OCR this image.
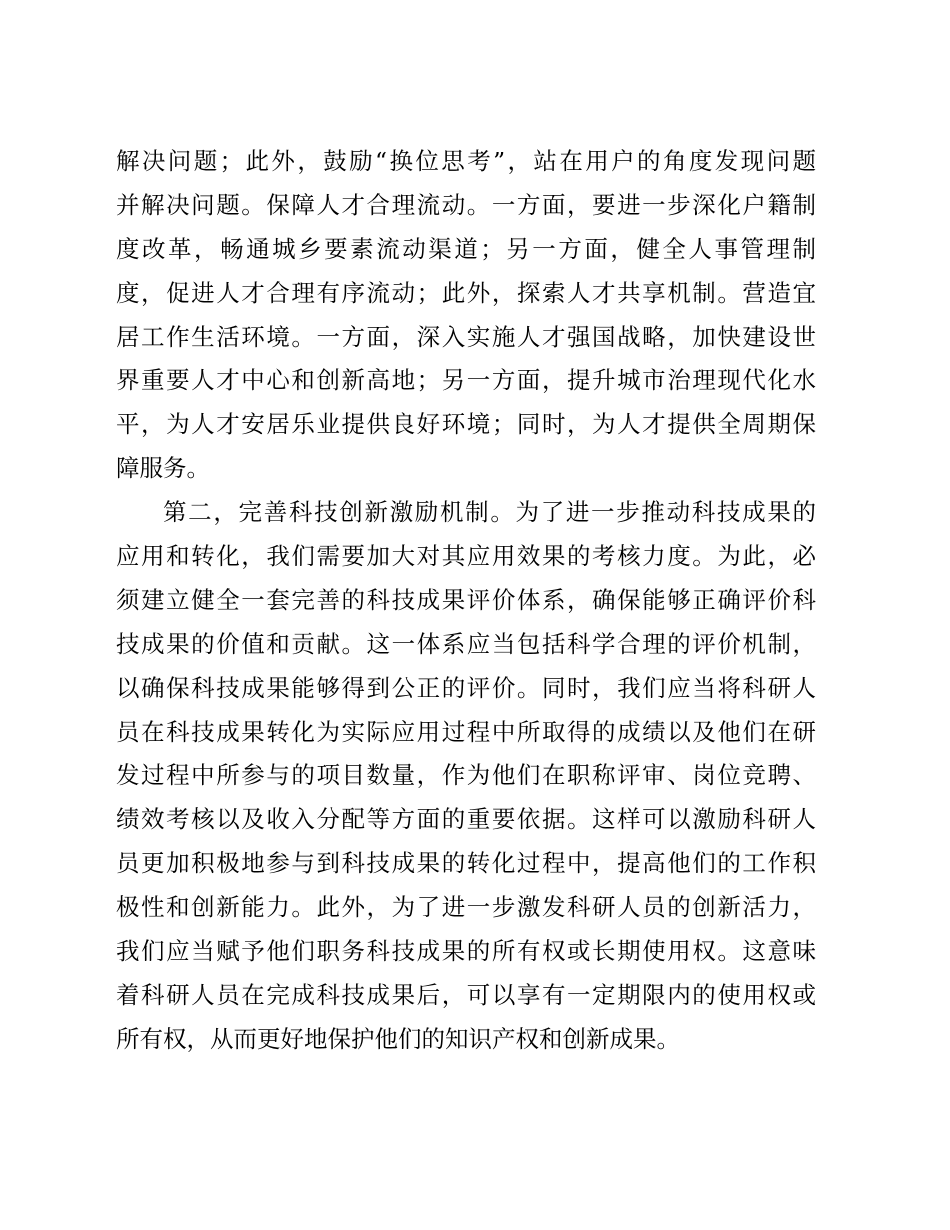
解决问题；此外，鼓励“换位思考”，站在用户的角度发现问题
并解决问题。保障人才合理流动。一方面，要进一步深化户籍制
度改革，畅通城乡要素流动渠道；另一方面，健全人事管理制
度，促进人才合理有序流动；此外，探索人才共享机制。营造宜
居工作生活环境。一方面，深入实施人才强国战略，加快建设世
界重要人才中心和创新高地；另一方面，提升城市治理现代化水
平，为人才安居乐业提供良好环境；同时，为人才提供全周期保
障服务。
第二，完善科技创新激励机制。为了进一步推动科技成果的
应用和转化，我们需要加大对其应用效果的考核力度。为此，必
须建立健全一套完善的科技成果评价体系，确保能够正确评价科
技成果的价值和贡献。这一体系应当包括科学合理的评价机制，
以确保科技成果能够得到公正的评价。同时，我们应当将科研人
员在科技成果转化为实际应用过程中所取得的成绩以及他们在研
发过程中所参与的项目数量，作为他们在职称评审、岗位竞聘、
绩效考核以及收入分配等方面的重要依据。这样可以激励科研人
员更加积极地参与到科技成果的转化过程中，提高他们的工作积
极性和创新能力。此外，为了进一步激发科研人员的创新活力，
我们应当赋予他们职务科技成果的所有权或长期使用权。这意味
着科研人员在完成科技成果后，可以享有一定期限内的使用权或
所有权，从而更好地保护他们的知识产权和创新成果。
